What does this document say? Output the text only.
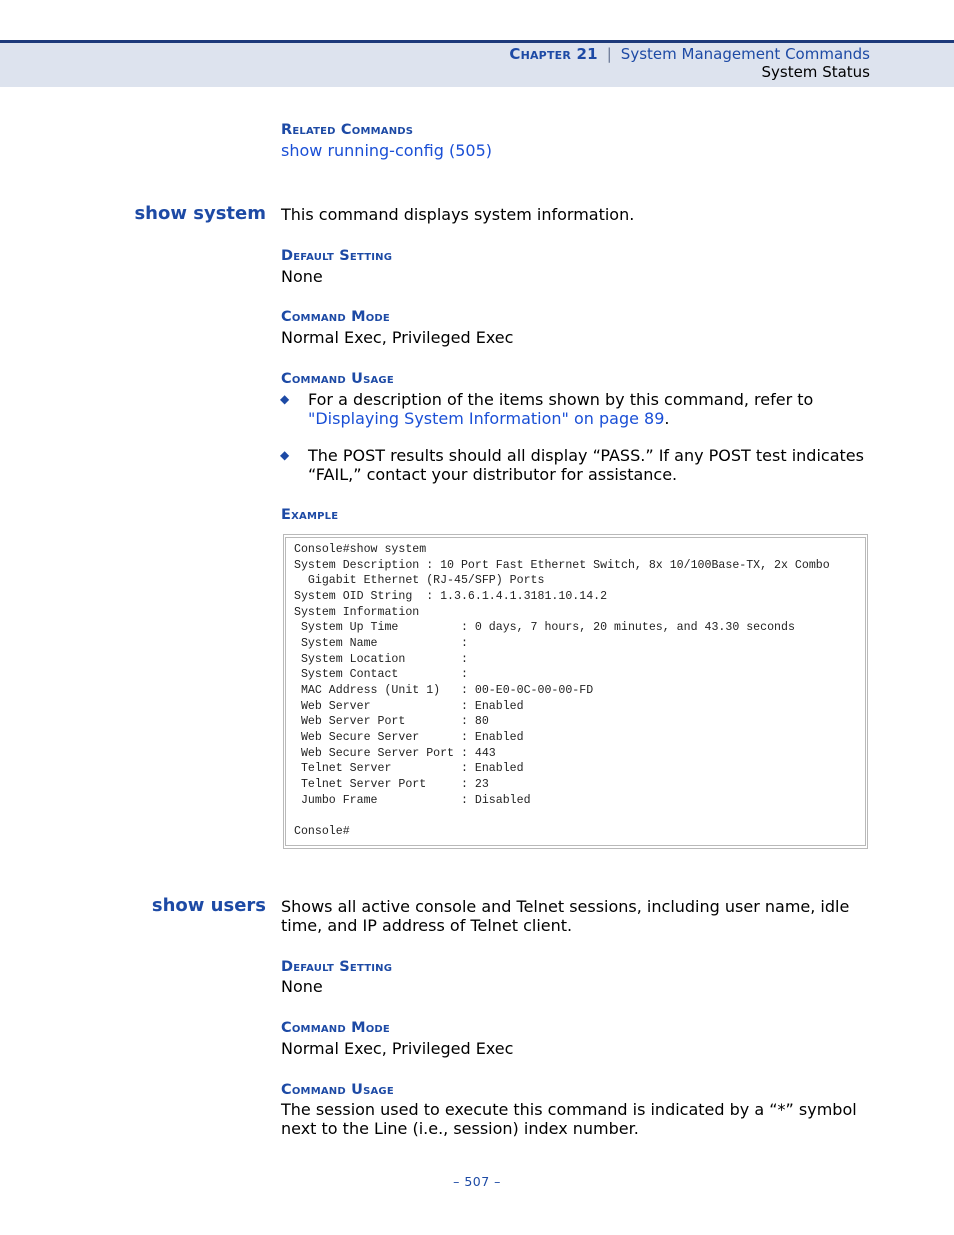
Chapter 21 | System Management Commands
System Status
Related Commands
show running-config (505)
show system This command displays system information.
Default Setting
None
Command Mode
Normal Exec, Privileged Exec
Command Usage
◆ For a description of the items shown by this command, refer to
"Displaying System Information" on page 89.
◆ The POST results should all display “PASS.” If any POST test indicates
“FAIL,” contact your distributor for assistance.
Example
Console#show system
System Description : 10 Port Fast Ethernet Switch, 8x 10/100Base-TX, 2x Combo
Gigabit Ethernet (RJ-45/SFP) Ports
System OID String  : 1.3.6.1.4.1.3181.10.14.2
System Information
System Up Time         : 0 days, 7 hours, 20 minutes, and 43.30 seconds
System Name            :
System Location        :
System Contact         :
MAC Address (Unit 1)   : 00-E0-0C-00-00-FD
Web Server             : Enabled
Web Server Port        : 80
Web Secure Server      : Enabled
Web Secure Server Port : 443
Telnet Server          : Enabled
Telnet Server Port     : 23
Jumbo Frame            : Disabled

Console#
show users Shows all active console and Telnet sessions, including user name, idle
time, and IP address of Telnet client.
Default Setting
None
Command Mode
Normal Exec, Privileged Exec
Command Usage
The session used to execute this command is indicated by a “*” symbol
next to the Line (i.e., session) index number.
– 507 –
